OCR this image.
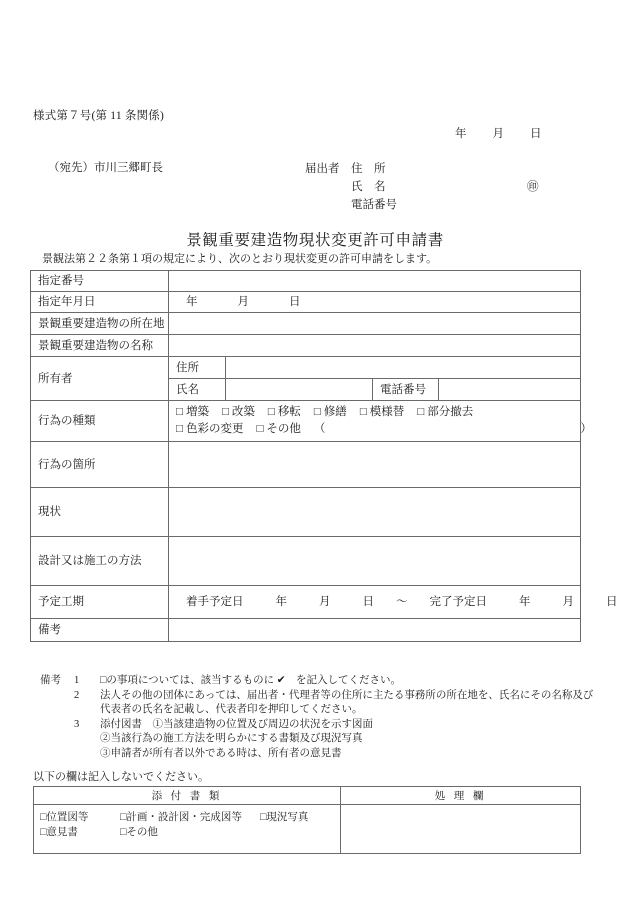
様式第７号(第 11 条関係)
年 月 日
（宛先）市川三郷町長	届出者 住　所
氏　名	㊞
電話番号
景観重要建造物現状変更許可申請書
景観法第２２条第１項の規定により、次のとおり現状変更の許可申請をします。
指定番号				
指定年月日	年 月 日			
景観重要建造物の所在地				
景観重要建造物の名称				
所有者	住所			
	氏名		電話番号	
行為の種類	□ 増築 □ 改築 □ 移転 □ 修繕 □ 模様替 □ 部分撤去
□ 色彩の変更 □ その他 （ ）			

行為の箇所				
現状				
設計又は施工の方法				
予定工期	着手予定日 年 月 日 〜 完了予定日 年 月 日			

備考				
備考	1	□の事項については、該当するものに ✔　を記入してください。
2	法人その他の団体にあっては、届出者・代理者等の住所に主たる事務所の所在地を、氏名にその名称及び
代表者の氏名を記載し、代表者印を押印してください。
3	添付図書　①当該建造物の位置及び周辺の状況を示す図面
②当該行為の施工方法を明らかにする書類及び現況写真
③申請者が所有者以外である時は、所有者の意見書
以下の欄は記入しないでください。
添 付 書 類	処 理 欄

□位置図等 □計画・設計図・完成図等 □現況写真
□意見書 □その他	
